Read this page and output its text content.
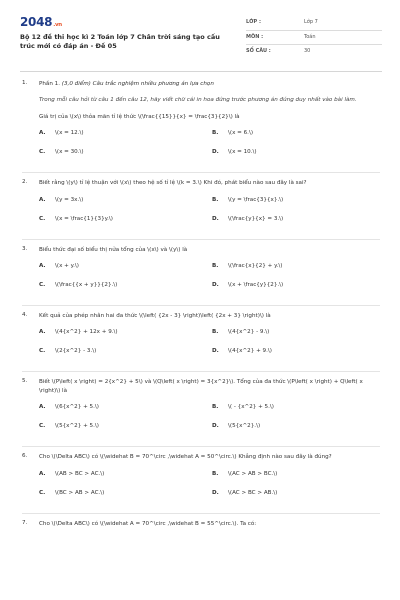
2048.vn
Bộ 12 đề thi học kì 2 Toán lớp 7 Chân trời sáng tạo cấu trúc mới có đáp án - Đề 05
LỚP :	Lớp 7
MÔN :	Toán
SỐ CÂU :	30
1. Phần 1. (3,0 điểm) Câu trắc nghiệm nhiều phương án lựa chọn
Trong mỗi câu hỏi từ câu 1 đến câu 12, hãy viết chữ cái in hoa đứng trước phương án đúng duy nhất vào bài làm.
Giá trị của \(x\) thỏa mãn tỉ lệ thức \(\frac{{15}}{x} = \frac{3}{2}\) là
A. \(x = 12.\)	B. \(x = 6.\)
C. \(x = 30.\)	D. \(x = 10.\)
2. Biết rằng \(y\) tỉ lệ thuận với \(x\) theo hệ số tỉ lệ \(k = 3.\) Khi đó, phát biểu nào sau đây là sai?
A. \(y = 3x.\)	B. \(y = \frac{3}{x}.\)
C. \(x = \frac{1}{3}y.\)	D. \(\frac{y}{x} = 3.\)
3. Biểu thức đại số biểu thị nửa tổng của \(x\) và \(y\) là
A. \(x + y.\)	B. \(\frac{x}{2} + y.\)
C. \(\frac{{x + y}}{2}.\)	D. \(x + \frac{y}{2}.\)
4. Kết quả của phép nhân hai đa thức \(\left( {2x - 3} \right)\left( {2x + 3} \right)\) là
A. \(4{x^2} + 12x + 9.\)	B. \(4{x^2} - 9.\)
C. \(2{x^2} - 3.\)	D. \(4{x^2} + 9.\)
5. Biết \(P\left( x \right) = 2{x^2} + 5\) và \(Q\left( x \right) = 3{x^2}\). Tổng của đa thức \(P\left( x \right) + Q\left( x \right)\) là
A. \(6{x^2} + 5.\)	B. \( - {x^2} + 5.\)
C. \(5{x^2} + 5.\)	D. \(5{x^2}.\)
6. Cho \(\Delta ABC\) có \(\widehat B = 70^\circ ,\widehat A = 50^\circ.\) Khẳng định nào sau đây là đúng?
A. \(AB > BC > AC.\)	B. \(AC > AB > BC.\)
C. \(BC > AB > AC.\)	D. \(AC > BC > AB.\)
7. Cho \(\Delta ABC\) có \(\widehat A = 70^\circ ,\widehat B = 55^\circ.\). Ta có:
